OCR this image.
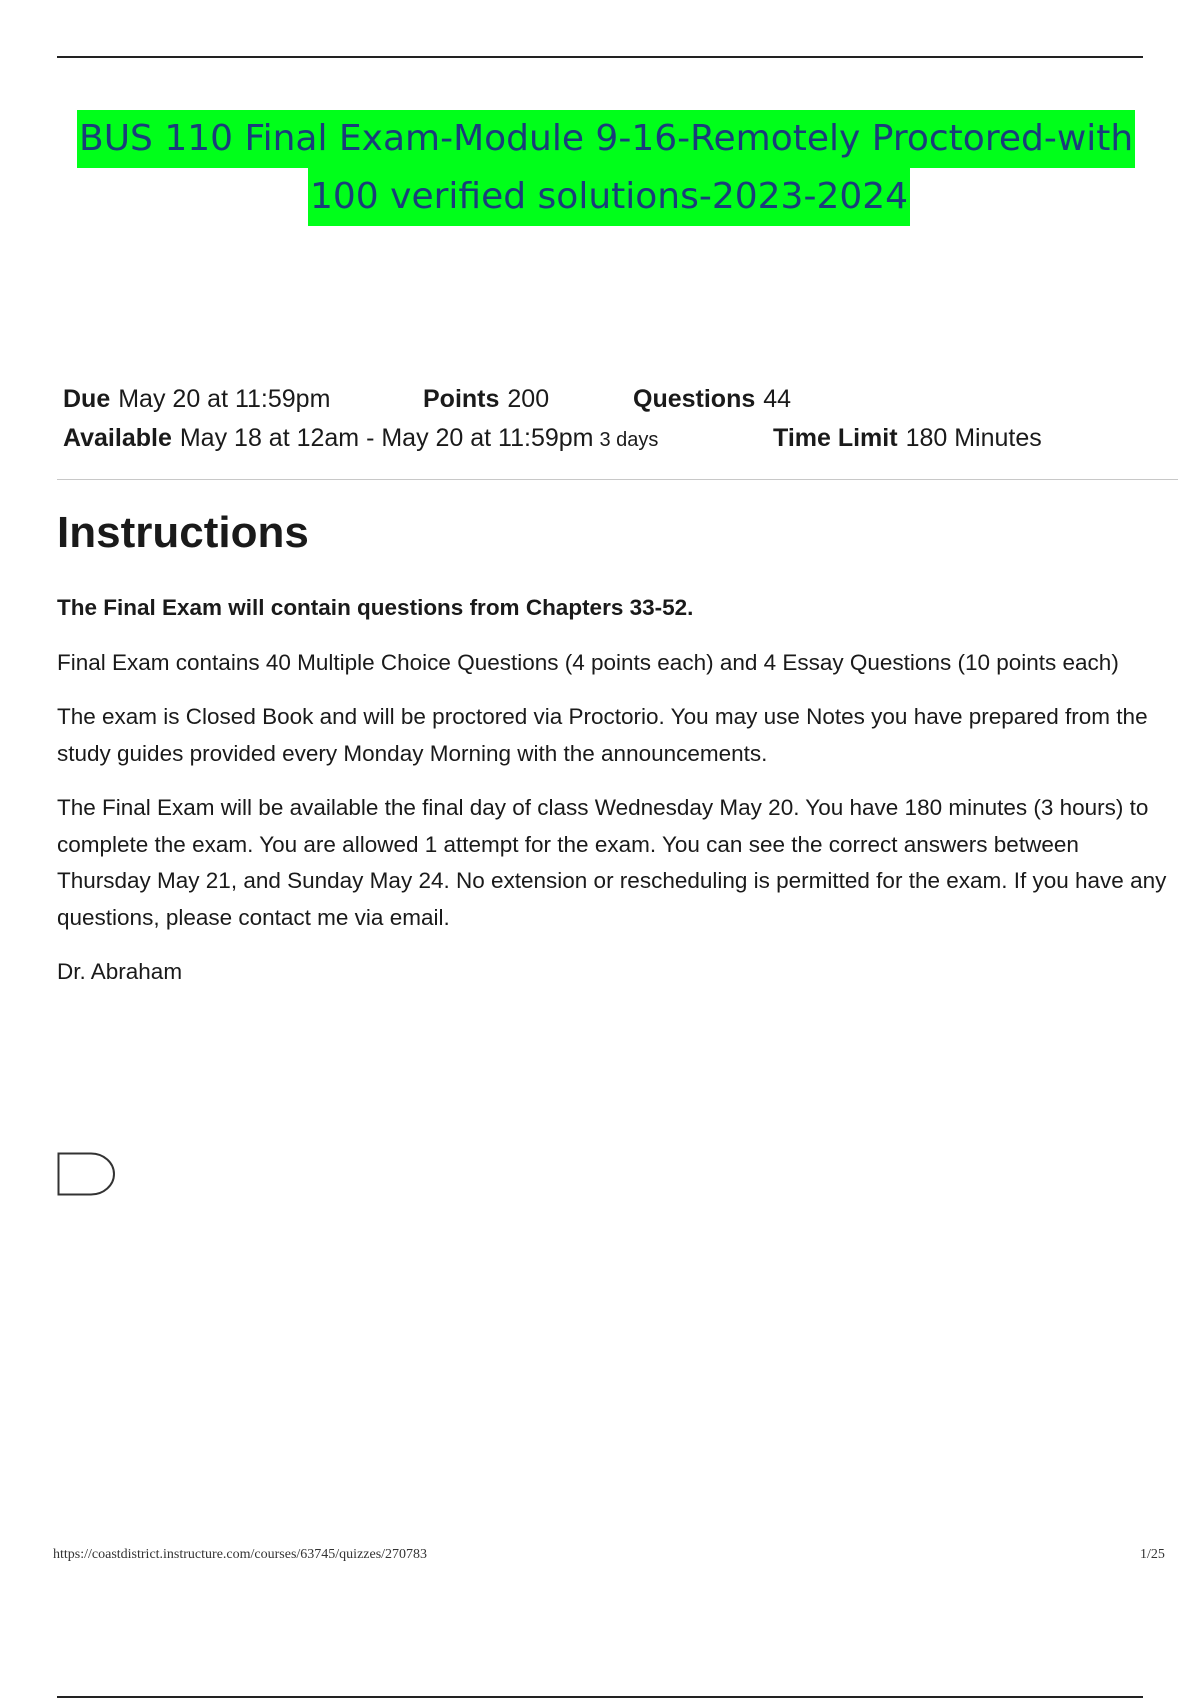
BUS 110 Final Exam-Module 9-16-Remotely Proctored-with
100 verified solutions-2023-2024
Due May 20 at 11:59pm	Points 200	Questions 44
Available May 18 at 12am - May 20 at 11:59pm 3 days	Time Limit 180 Minutes
Instructions

The Final Exam will contain questions from Chapters 33-52.

Final Exam contains 40 Multiple Choice Questions (4 points each) and 4 Essay Questions (10 points each)

The exam is Closed Book and will be proctored via Proctorio. You may use Notes you have prepared from the study guides provided every Monday Morning with the announcements.

The Final Exam will be available the final day of class Wednesday May 20. You have 180 minutes (3 hours) to complete the exam. You are allowed 1 attempt for the exam. You can see the correct answers between Thursday May 21, and Sunday May 24. No extension or rescheduling is permitted for the exam. If you have any questions, please contact me via email.

Dr. Abraham

https://coastdistrict.instructure.com/courses/63745/quizzes/270783	1/25
